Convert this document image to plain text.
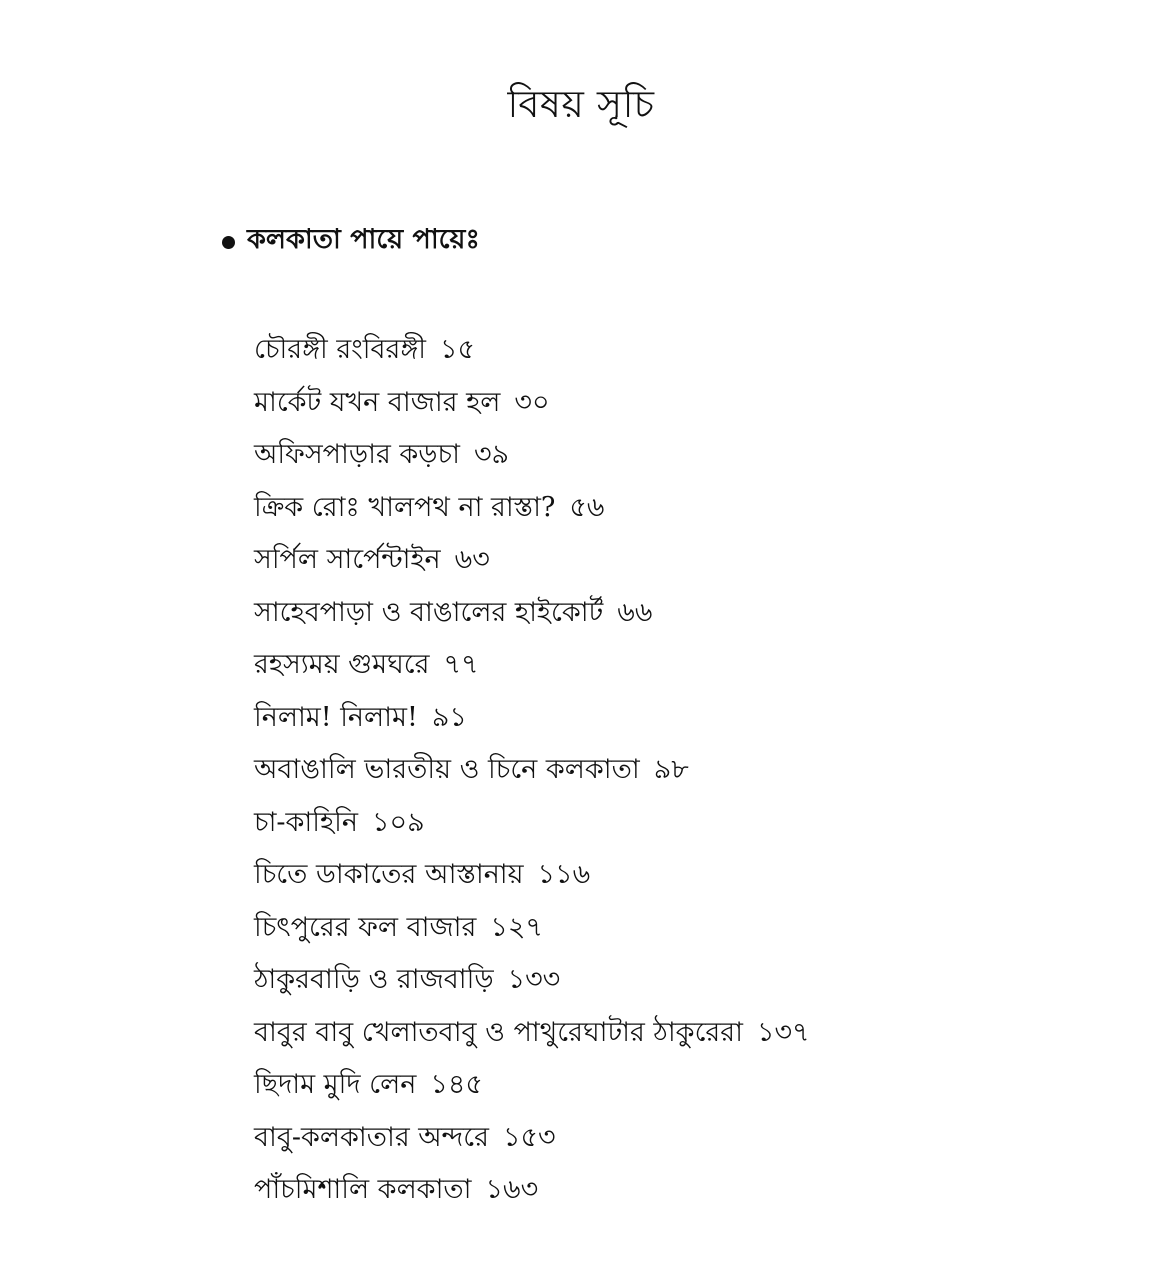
বিষয় সূচি
কলকাতা পায়ে পায়েঃ
চৌরঙ্গী রংবিরঙ্গী ১৫
মার্কেট যখন বাজার হল ৩০
অফিসপাড়ার কড়চা ৩৯
ক্রিক রোঃ খালপথ না রাস্তা? ৫৬
সর্পিল সার্পেন্টাইন ৬৩
সাহেবপাড়া ও বাঙালের হাইকোর্ট ৬৬
রহস্যময় গুমঘরে ৭৭
নিলাম! নিলাম! ৯১
অবাঙালি ভারতীয় ও চিনে কলকাতা ৯৮
চা-কাহিনি ১০৯
চিতে ডাকাতের আস্তানায় ১১৬
চিৎপুরের ফল বাজার ১২৭
ঠাকুরবাড়ি ও রাজবাড়ি ১৩৩
বাবুর বাবু খেলাতবাবু ও পাথুরেঘাটার ঠাকুরেরা ১৩৭
ছিদাম মুদি লেন ১৪৫
বাবু-কলকাতার অন্দরে ১৫৩
পাঁচমিশালি কলকাতা ১৬৩
